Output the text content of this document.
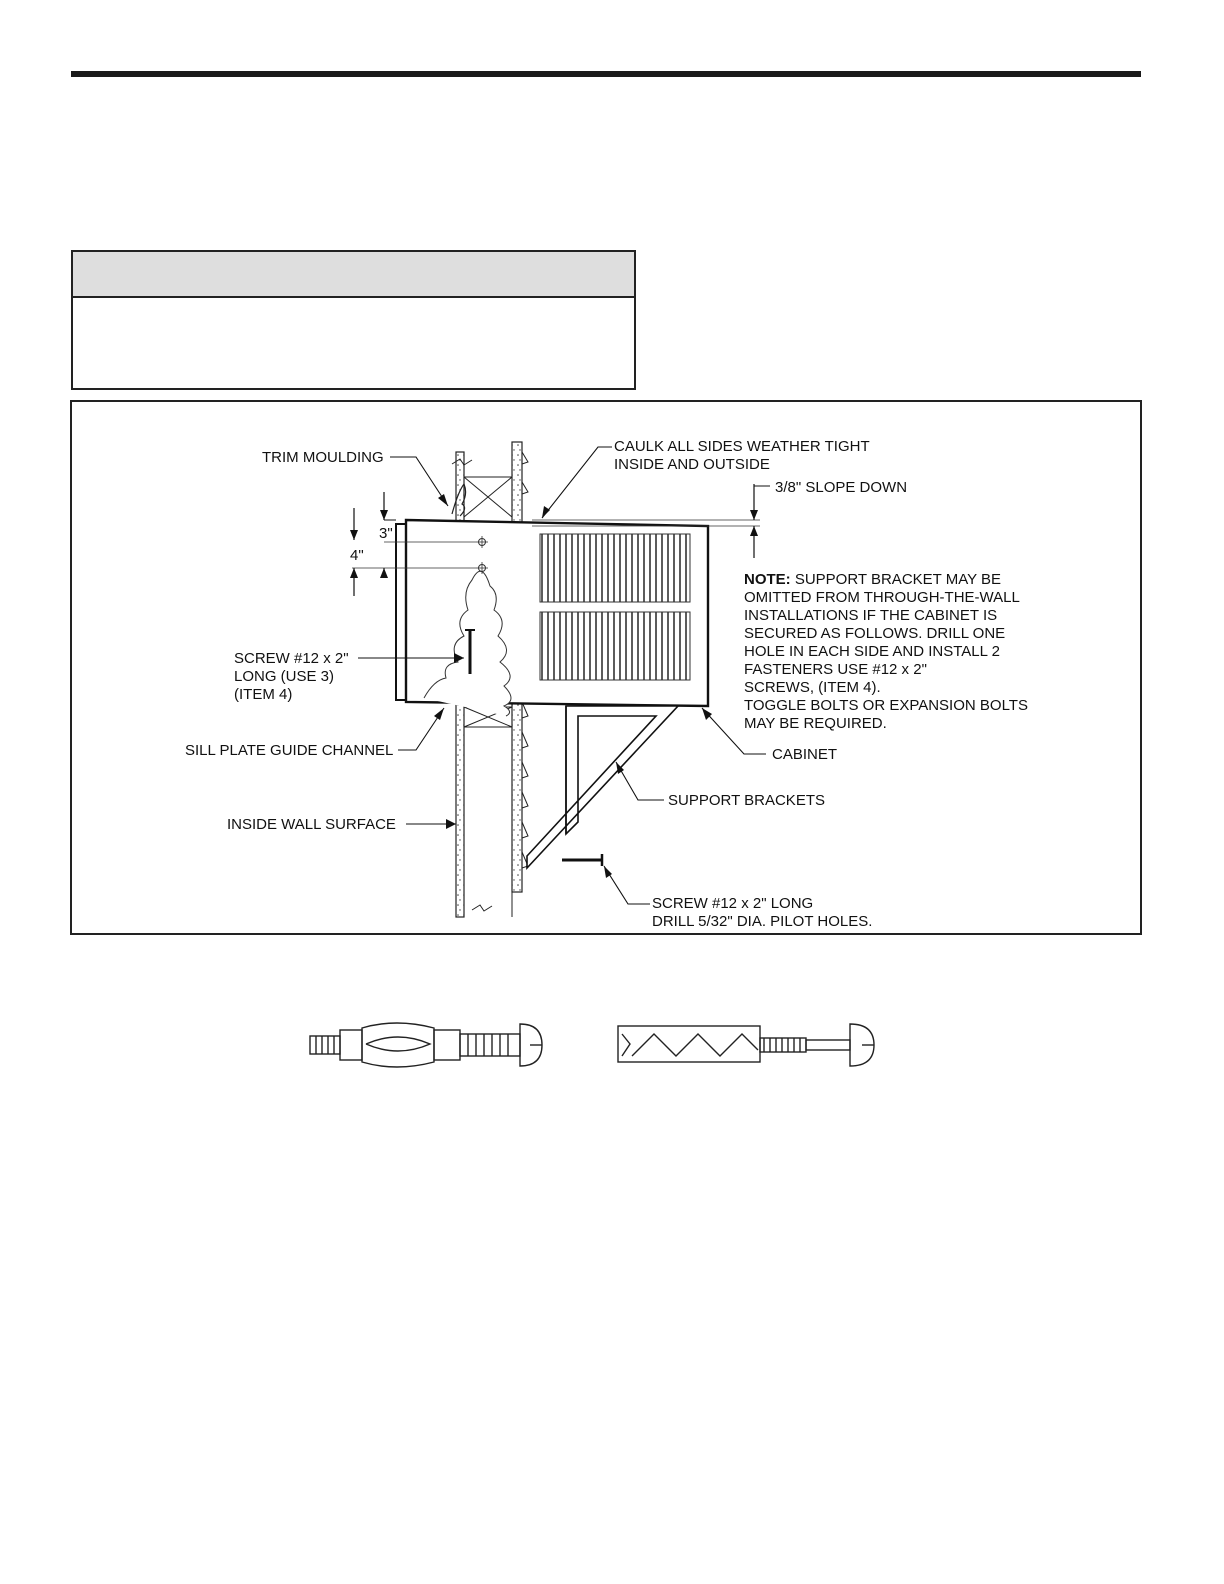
TRIM MOULDING
CAULK ALL SIDES WEATHER TIGHT
INSIDE AND OUTSIDE
3/8" SLOPE DOWN
3"
4"
SCREW #12 x 2"
LONG (USE 3)
(ITEM 4)
SILL PLATE GUIDE CHANNEL
INSIDE WALL SURFACE
CABINET
SUPPORT BRACKETS
SCREW #12 x 2" LONG
DRILL 5/32" DIA. PILOT HOLES.
NOTE: SUPPORT BRACKET MAY BE
OMITTED FROM THROUGH-THE-WALL
INSTALLATIONS IF THE CABINET IS
SECURED AS FOLLOWS. DRILL ONE
HOLE IN EACH SIDE AND INSTALL 2
FASTENERS USE #12 x 2"
SCREWS, (ITEM 4).
TOGGLE BOLTS OR EXPANSION BOLTS
MAY BE REQUIRED.
